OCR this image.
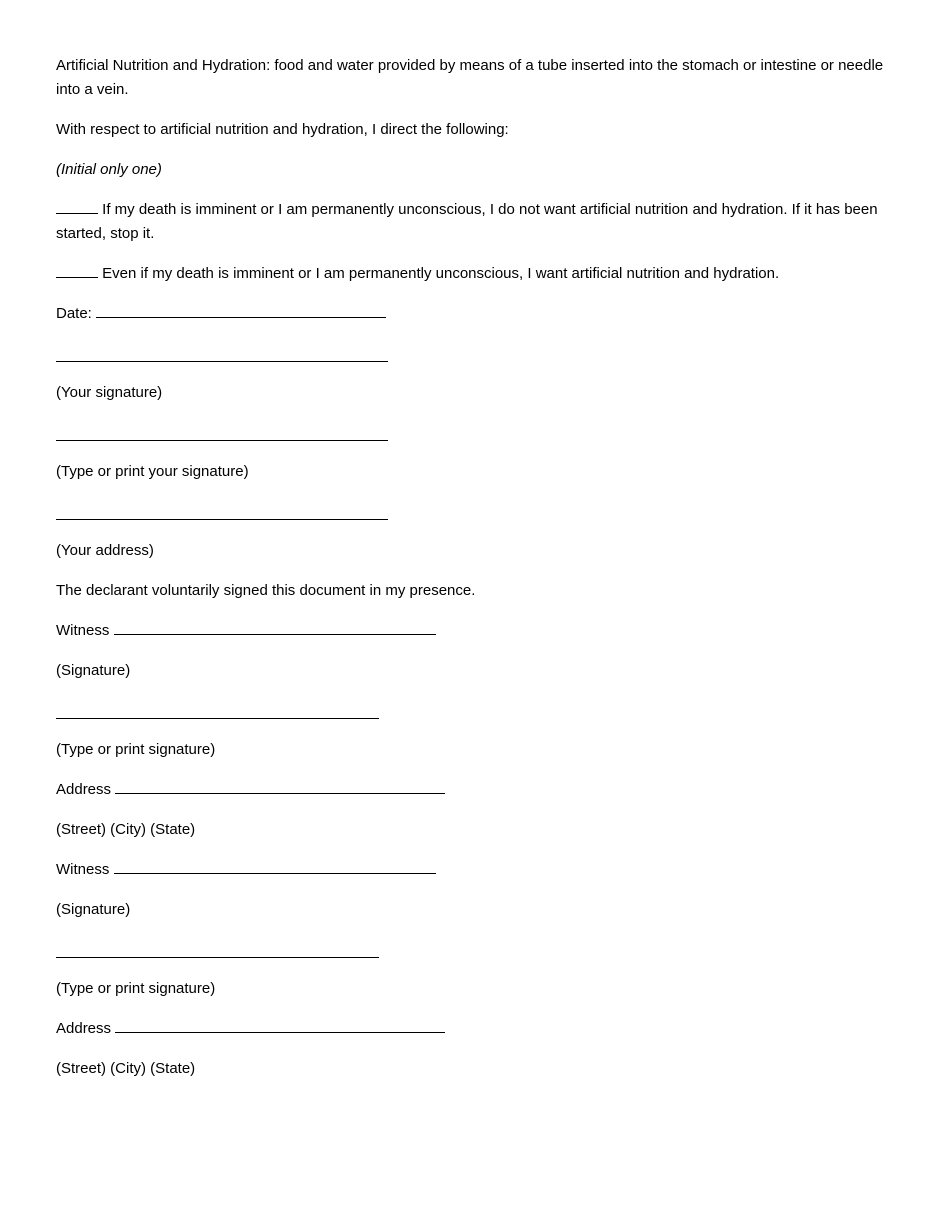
Artificial Nutrition and Hydration: food and water provided by means of a tube inserted into the stomach or intestine or needle into a vein.

With respect to artificial nutrition and hydration, I direct the following:

(Initial only one)

If my death is imminent or I am permanently unconscious, I do not want artificial nutrition and hydration. If it has been started, stop it.

Even if my death is imminent or I am permanently unconscious, I want artificial nutrition and hydration.

Date:

(Your signature)

(Type or print your signature)

(Your address)

The declarant voluntarily signed this document in my presence.

Witness

(Signature)

(Type or print signature)

Address

(Street) (City) (State)

Witness

(Signature)

(Type or print signature)

Address

(Street) (City) (State)
